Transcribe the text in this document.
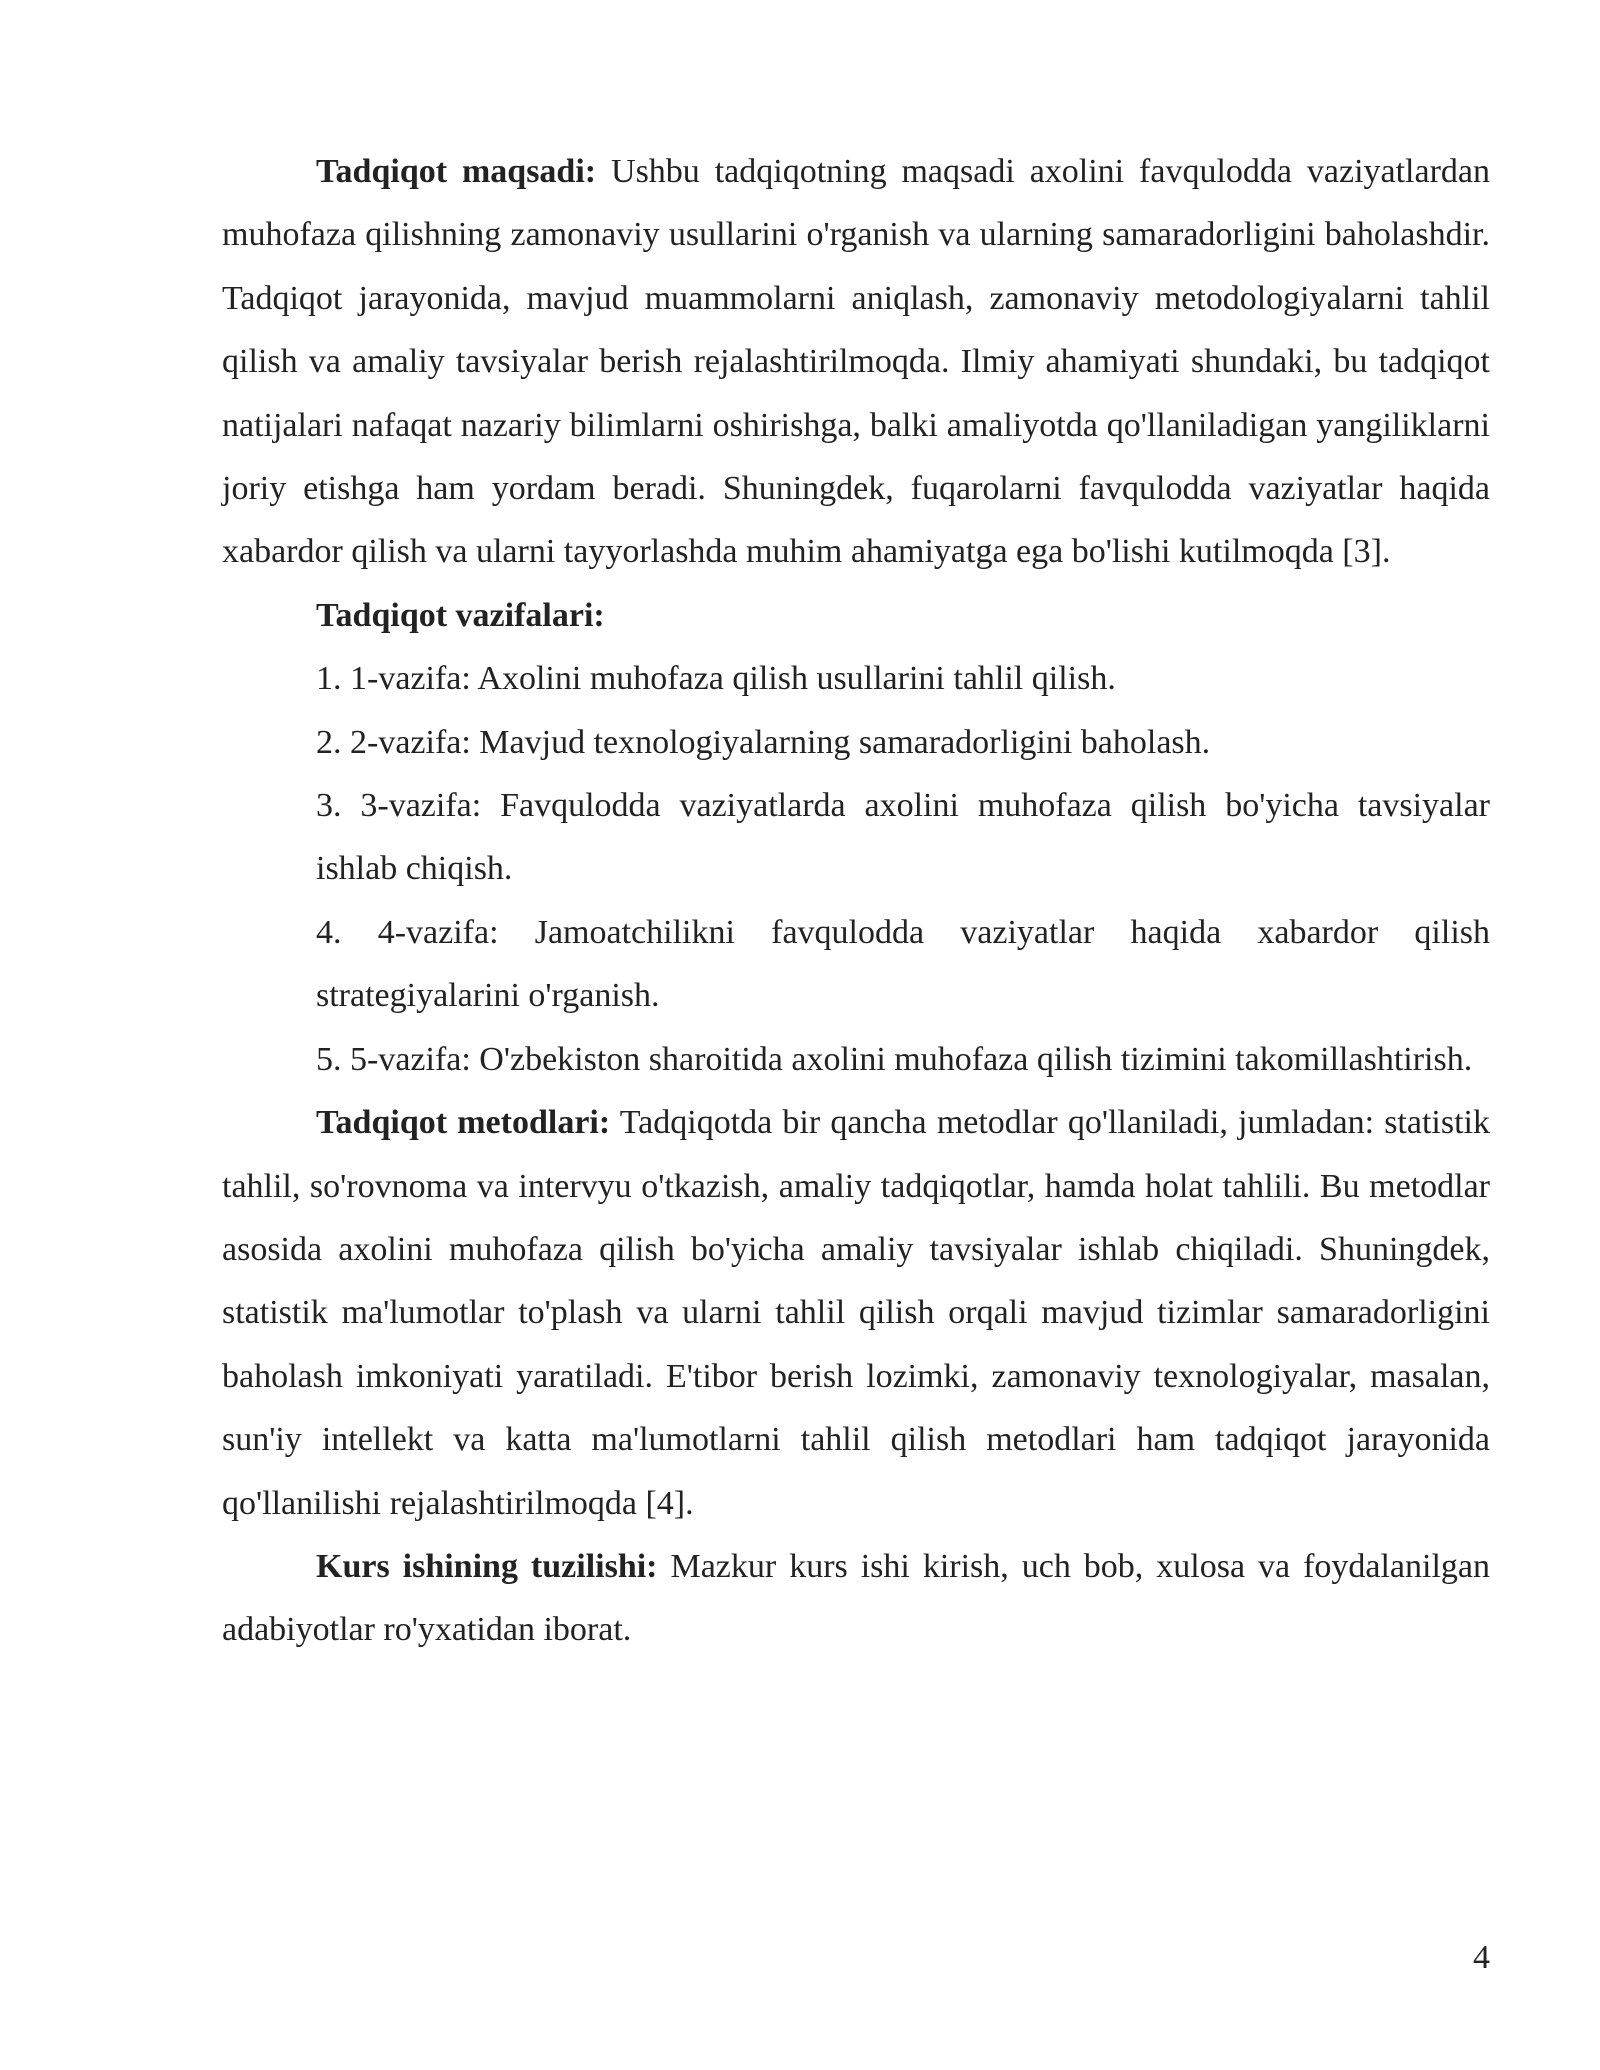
Tadqiqot maqsadi: Ushbu tadqiqotning maqsadi axolini favqulodda vaziyatlardan muhofaza qilishning zamonaviy usullarini o'rganish va ularning samaradorligini baholashdir. Tadqiqot jarayonida, mavjud muammolarni aniqlash, zamonaviy metodologiyalarni tahlil qilish va amaliy tavsiyalar berish rejalashtirilmoqda. Ilmiy ahamiyati shundaki, bu tadqiqot natijalari nafaqat nazariy bilimlarni oshirishga, balki amaliyotda qo'llaniladigan yangiliklarni joriy etishga ham yordam beradi. Shuningdek, fuqarolarni favqulodda vaziyatlar haqida xabardor qilish va ularni tayyorlashda muhim ahamiyatga ega bo'lishi kutilmoqda [3].

Tadqiqot vazifalari:

1. 1-vazifa: Axolini muhofaza qilish usullarini tahlil qilish.

2. 2-vazifa: Mavjud texnologiyalarning samaradorligini baholash.

3. 3-vazifa: Favqulodda vaziyatlarda axolini muhofaza qilish bo'yicha tavsiyalar ishlab chiqish.

4. 4-vazifa: Jamoatchilikni favqulodda vaziyatlar haqida xabardor qilish strategiyalarini o'rganish.

5. 5-vazifa: O'zbekiston sharoitida axolini muhofaza qilish tizimini takomillashtirish.

Tadqiqot metodlari: Tadqiqotda bir qancha metodlar qo'llaniladi, jumladan: statistik tahlil, so'rovnoma va intervyu o'tkazish, amaliy tadqiqotlar, hamda holat tahlili. Bu metodlar asosida axolini muhofaza qilish bo'yicha amaliy tavsiyalar ishlab chiqiladi. Shuningdek, statistik ma'lumotlar to'plash va ularni tahlil qilish orqali mavjud tizimlar samaradorligini baholash imkoniyati yaratiladi. E'tibor berish lozimki, zamonaviy texnologiyalar, masalan, sun'iy intellekt va katta ma'lumotlarni tahlil qilish metodlari ham tadqiqot jarayonida qo'llanilishi rejalashtirilmoqda [4].

Kurs ishining tuzilishi: Mazkur kurs ishi kirish, uch bob, xulosa va foydalanilgan adabiyotlar ro'yxatidan iborat.

4
